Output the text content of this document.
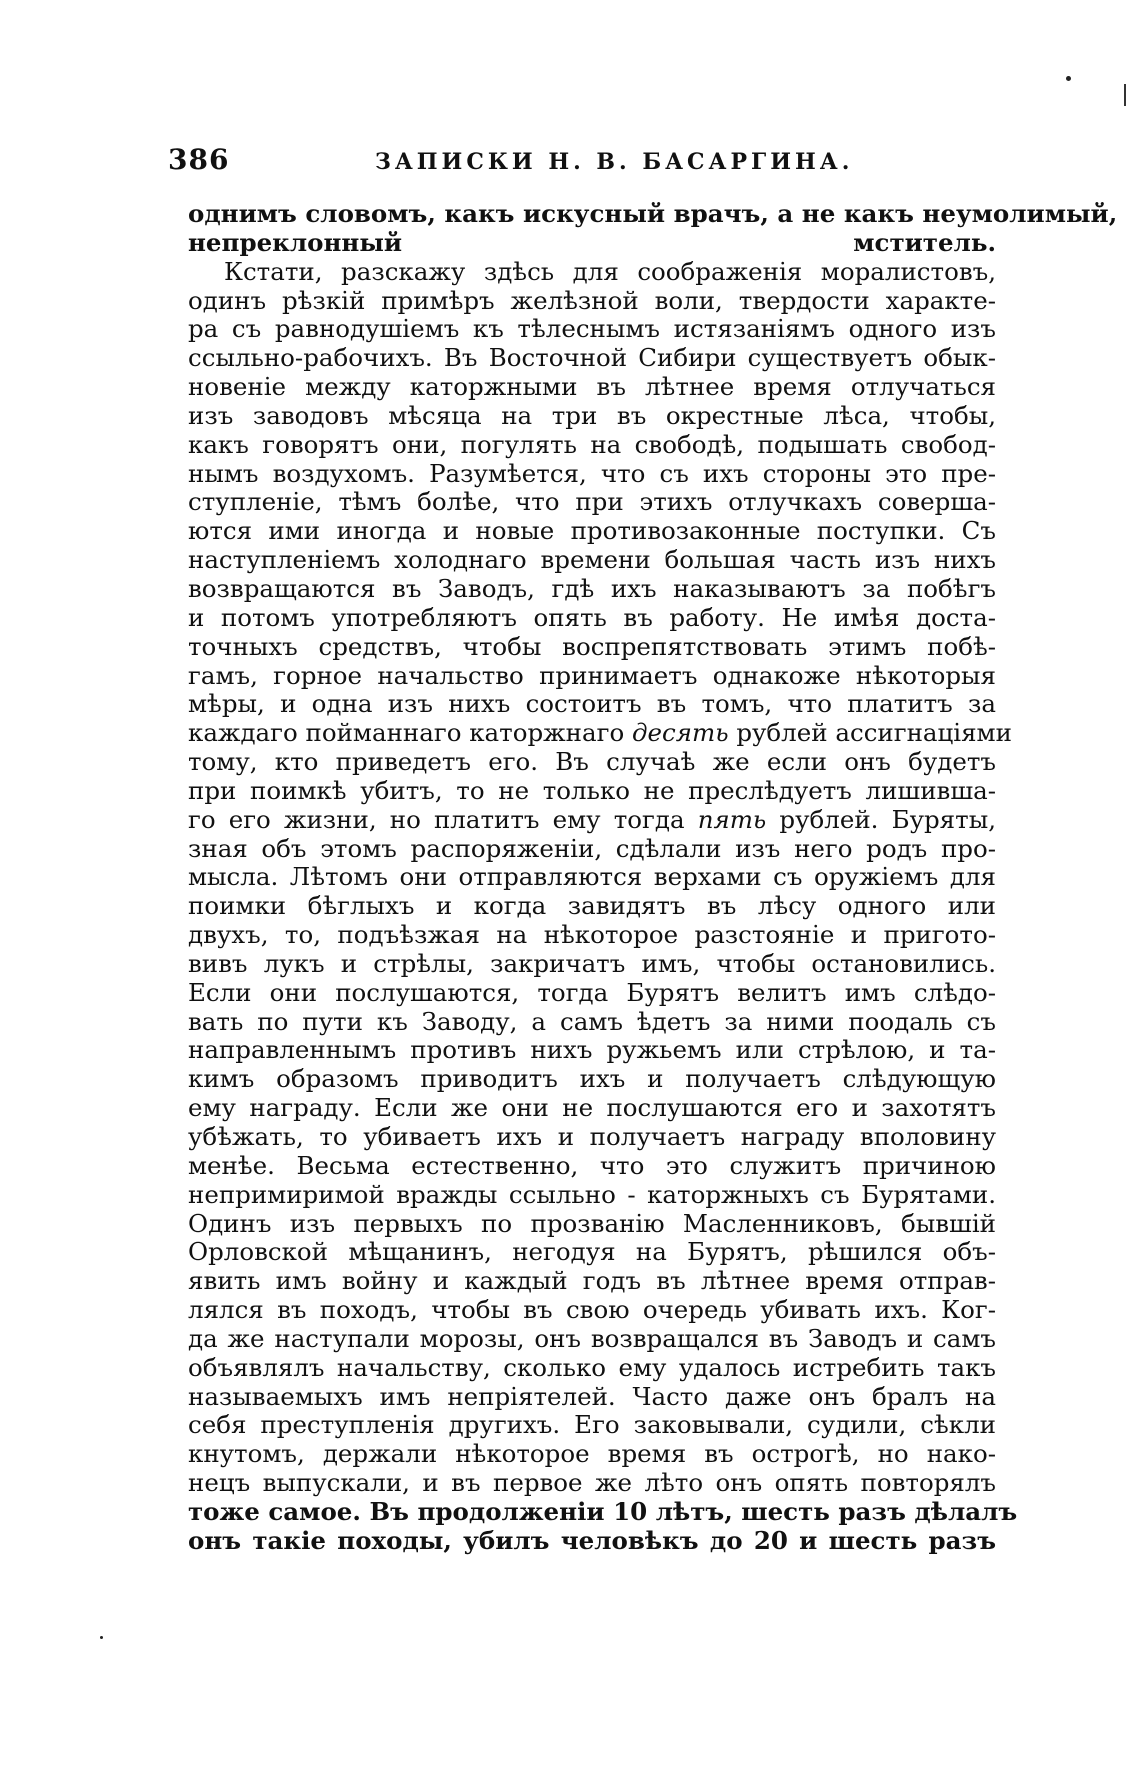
386	ЗАПИСКИ Н. В. БАСАРГИНА.
однимъ словомъ, какъ искусный врачъ, а не какъ неумолимый,
непреклонный мститель.
Кстати, разскажу здѣсь для соображенія моралистовъ,
одинъ рѣзкій примѣръ желѣзной воли, твердости характе-
ра съ равнодушіемъ къ тѣлеснымъ истязаніямъ одного изъ
ссыльно-рабочихъ. Въ Восточной Сибири существуетъ обык-
новеніе между каторжными въ лѣтнее время отлучаться
изъ заводовъ мѣсяца на три въ окрестные лѣса, чтобы,
какъ говорятъ они, погулять на свободѣ, подышать свобод-
нымъ воздухомъ. Разумѣется, что съ ихъ стороны это пре-
ступленіе, тѣмъ болѣе, что при этихъ отлучкахъ соверша-
ются ими иногда и новые противозаконные поступки. Съ
наступленіемъ холоднаго времени большая часть изъ нихъ
возвращаются въ Заводъ, гдѣ ихъ наказываютъ за побѣгъ
и потомъ употребляютъ опять въ работу. Не имѣя доста-
точныхъ средствъ, чтобы воспрепятствовать этимъ побѣ-
гамъ, горное начальство принимаетъ однакоже нѣкоторыя
мѣры, и одна изъ нихъ состоитъ въ томъ, что платитъ за
каждаго пойманнаго каторжнаго десять рублей ассигнаціями
тому, кто приведетъ его. Въ случаѣ же если онъ будетъ
при поимкѣ убитъ, то не только не преслѣдуетъ лишивша-
го его жизни, но платитъ ему тогда пять рублей. Буряты,
зная объ этомъ распоряженіи, сдѣлали изъ него родъ про-
мысла. Лѣтомъ они отправляются верхами съ оружіемъ для
поимки бѣглыхъ и когда завидятъ въ лѣсу одного или
двухъ, то, подъѣзжая на нѣкоторое разстояніе и пригото-
вивъ лукъ и стрѣлы, закричатъ имъ, чтобы остановились.
Если они послушаются, тогда Бурятъ велитъ имъ слѣдо-
вать по пути къ Заводу, а самъ ѣдетъ за ними поодаль съ
направленнымъ противъ нихъ ружьемъ или стрѣлою, и та-
кимъ образомъ приводитъ ихъ и получаетъ слѣдующую
ему награду. Если же они не послушаются его и захотятъ
убѣжать, то убиваетъ ихъ и получаетъ награду вполовину
менѣе. Весьма естественно, что это служитъ причиною
непримиримой вражды ссыльно - каторжныхъ съ Бурятами.
Одинъ изъ первыхъ по прозванію Масленниковъ, бывшій
Орловской мѣщанинъ, негодуя на Бурятъ, рѣшился объ-
явить имъ войну и каждый годъ въ лѣтнее время отправ-
лялся въ походъ, чтобы въ свою очередь убивать ихъ. Ког-
да же наступали морозы, онъ возвращался въ Заводъ и самъ
объявлялъ начальству, сколько ему удалось истребить такъ
называемыхъ имъ непріятелей. Часто даже онъ бралъ на
себя преступленія другихъ. Его заковывали, судили, сѣкли
кнутомъ, держали нѣкоторое время въ острогѣ, но нако-
нецъ выпускали, и въ первое же лѣто онъ опять повторялъ
тоже самое. Въ продолженіи 10 лѣтъ, шесть разъ дѣлалъ
онъ такіе походы, убилъ человѣкъ до 20 и шесть разъ
